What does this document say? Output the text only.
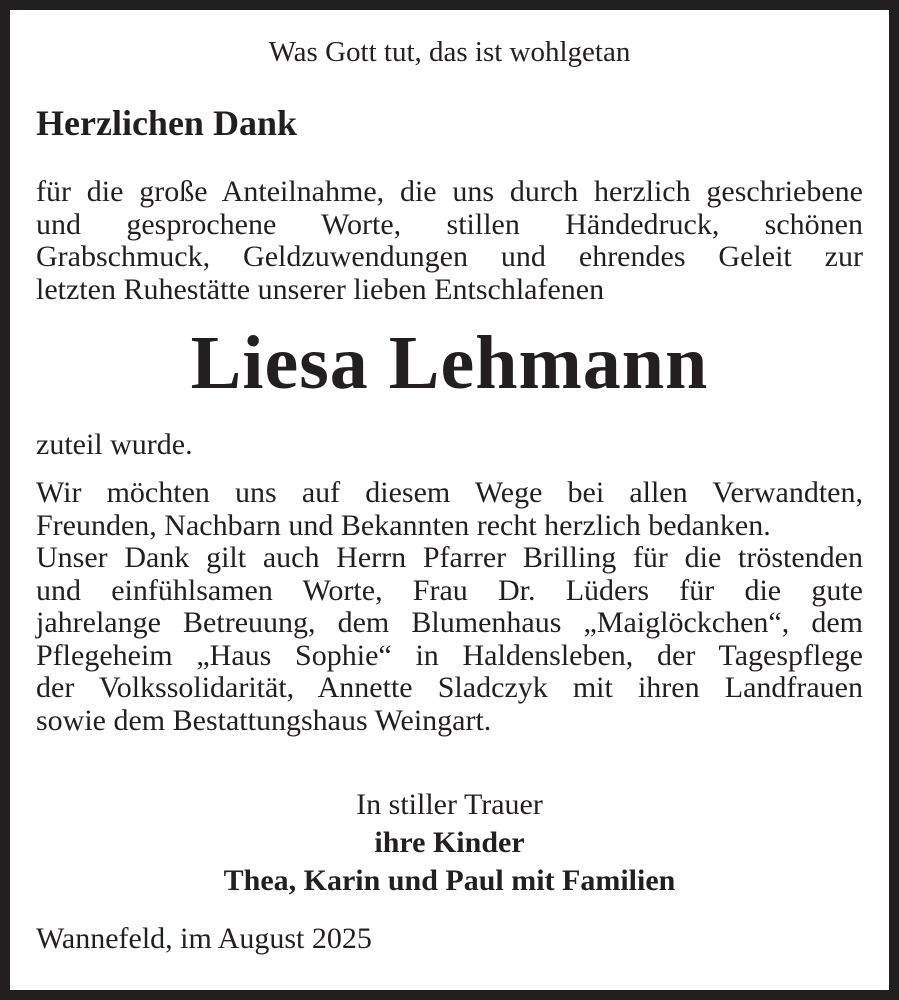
Was Gott tut, das ist wohlgetan
Herzlichen Dank
für die große Anteilnahme, die uns durch herzlich geschriebene
und gesprochene Worte, stillen Händedruck, schönen
Grabschmuck, Geldzuwendungen und ehrendes Geleit zur
letzten Ruhestätte unserer lieben Entschlafenen
Liesa Lehmann
zuteil wurde.
Wir möchten uns auf diesem Wege bei allen Verwandten,
Freunden, Nachbarn und Bekannten recht herzlich bedanken.
Unser Dank gilt auch Herrn Pfarrer Brilling für die tröstenden
und einfühlsamen Worte, Frau Dr. Lüders für die gute
jahrelange Betreuung, dem Blumenhaus „Maiglöckchen“, dem
Pflegeheim „Haus Sophie“ in Haldensleben, der Tagespflege
der Volkssolidarität, Annette Sladczyk mit ihren Landfrauen
sowie dem Bestattungshaus Weingart.
In stiller Trauer
ihre Kinder
Thea, Karin und Paul mit Familien
Wannefeld, im August 2025
